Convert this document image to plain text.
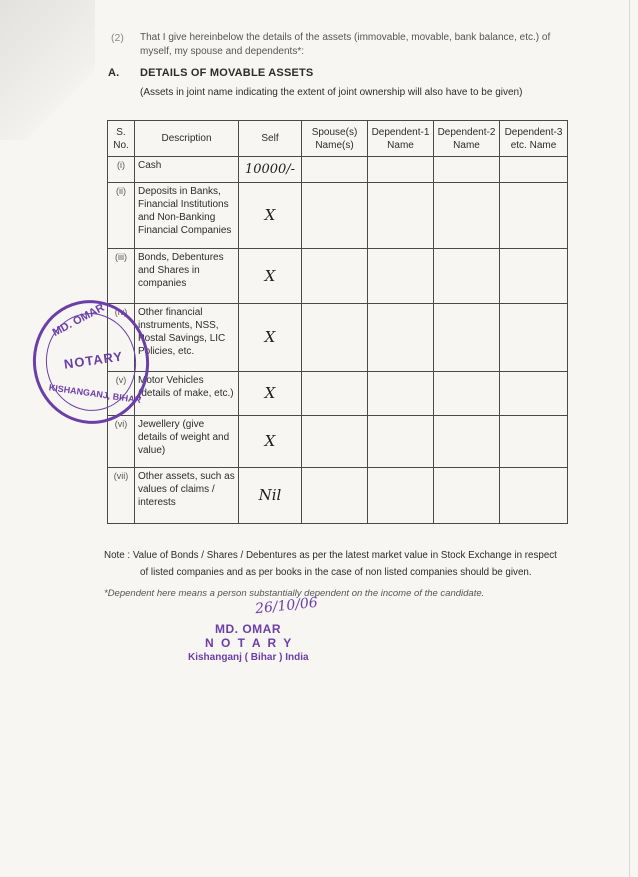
(2) That I give hereinbelow the details of the assets (immovable, movable, bank balance, etc.) of
myself, my spouse and dependents*:
A. DETAILS OF MOVABLE ASSETS
(Assets in joint name indicating the extent of joint ownership will also have to be given)
S. No.	Description	Self	Spouse(s) Name(s)	Dependent-1 Name	Dependent-2 Name	Dependent-3 etc. Name
(i)	Cash	10000/-				
(ii)	Deposits in Banks, Financial Institutions and Non-Banking Financial Companies	X				
(iii)	Bonds, Debentures and Shares in companies	X				
(iv)	Other financial instruments, NSS, Postal Savings, LIC Policies, etc.	X				
(v)	Motor Vehicles (details of make, etc.)	X				
(vi)	Jewellery (give details of weight and value)	X				
(vii)	Other assets, such as values of claims / interests	Nil				
Note : Value of Bonds / Shares / Debentures as per the latest market value in Stock Exchange in respect
of listed companies and as per books in the case of non listed companies should be given.
*Dependent here means a person substantially dependent on the income of the candidate.
MD. OMAR
NOTARY
KISHANGANJ, BIHAR
26/10/06
MD. OMAR
N O T A R Y
Kishanganj ( Bihar ) India
